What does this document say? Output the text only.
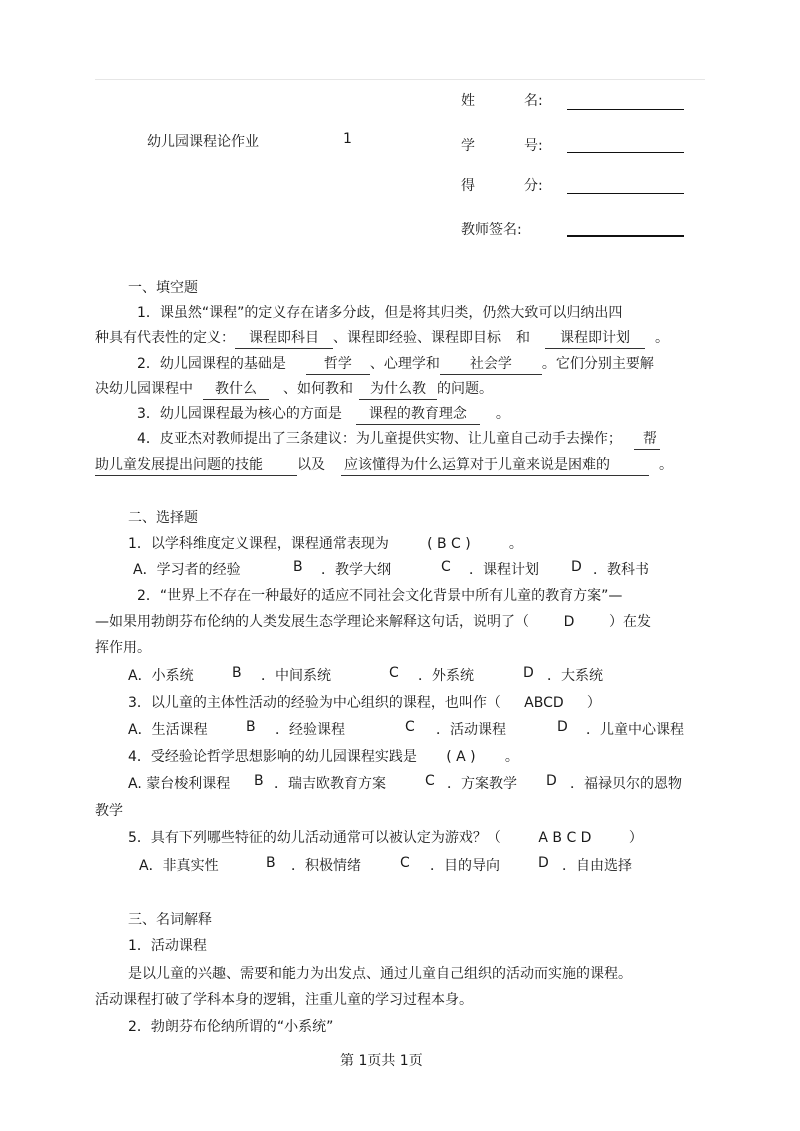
幼儿园课程论作业	1
姓	名:
学	号:
得	分:
教师签名:
一、填空题
1．课虽然“课程”的定义存在诸多分歧，但是将其归类，仍然大致可以归纳出四
种具有代表性的定义： 课程即科目 、课程即经验、课程即目标 和 课程即计划 。
2．幼儿园课程的基础是	哲学 、心理学和 社会学 。它们分别主要解
决幼儿园课程中 教什么 、如何教和 为什么教 的问题。
3．幼儿园课程最为核心的方面是 课程的教育理念 。
4．皮亚杰对教师提出了三条建议：为儿童提供实物、让儿童自己动手去操作； 帮
助儿童发展提出问题的技能 以及 应该懂得为什么运算对于儿童来说是困难的	。
二、选择题
1．以学科维度定义课程，课程通常表现为	( B C )	。
A．学习者的经验	B ．教学大纲	C ．课程计划 D ．教科书
2．“世界上不存在一种最好的适应不同社会文化背景中所有儿童的教育方案”—
—如果用勃朗芬布伦纳的人类发展生态学理论来解释这句话，说明了（ D ）在发
挥作用。
A．小系统	B ．中间系统	C ．外系统	D ．大系统
3．以儿童的主体性活动的经验为中心组织的课程，也叫作（ ABCD ）
A．生活课程	B ．经验课程	C ．活动课程	D ．儿童中心课程
4．受经验论哲学思想影响的幼儿园课程实践是 ( A ) 。
A. 蒙台梭利课程 B ．瑞吉欧教育方案	C ．方案教学 D ．福禄贝尔的恩物
教学
5．具有下列哪些特征的幼儿活动通常可以被认定为游戏？（	A B C D	）
A．非真实性	B ．积极情绪	C ．目的导向	D ．自由选择
三、名词解释
1．活动课程
是以儿童的兴趣、需要和能力为出发点、通过儿童自己组织的活动而实施的课程。
活动课程打破了学科本身的逻辑，注重儿童的学习过程本身。
2．勃朗芬布伦纳所谓的“小系统”
第 1页共 1页
